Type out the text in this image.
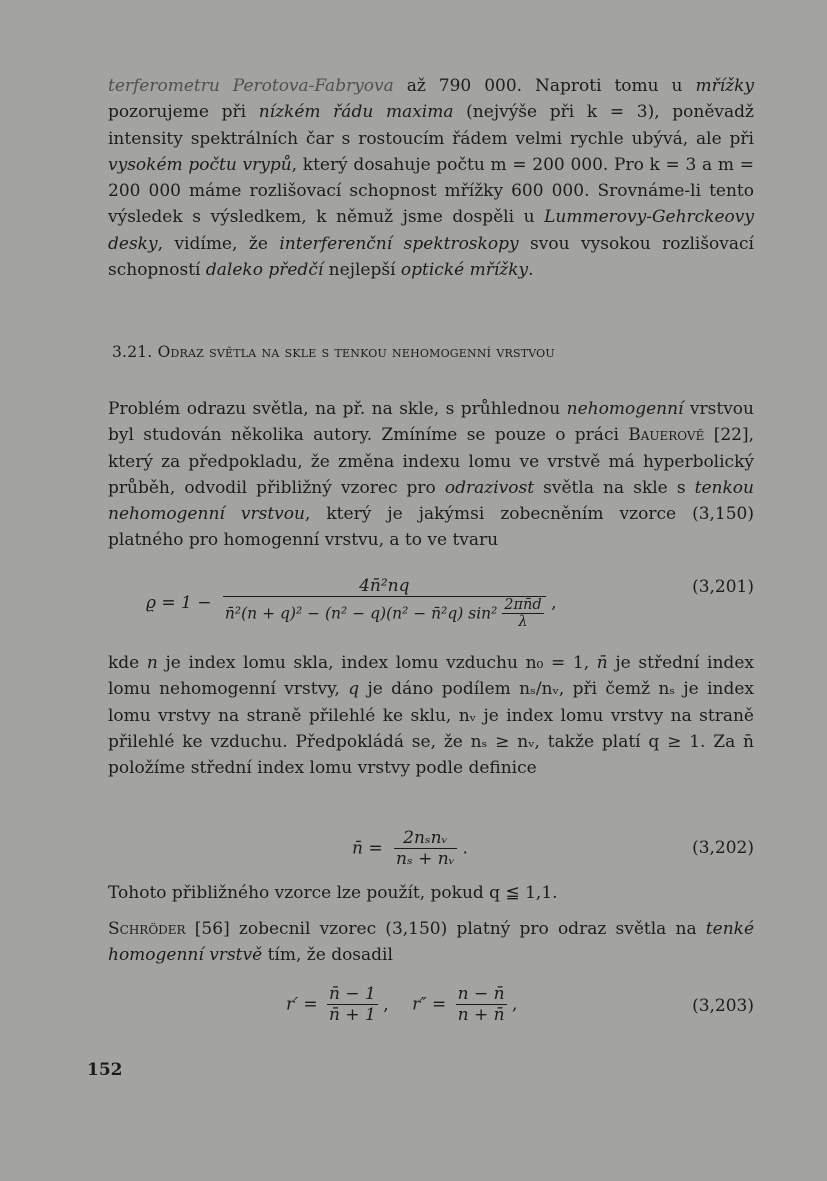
terferometru Perotova-Fabryova až 790 000. Naproti tomu u mřížky pozorujeme při nízkém řádu maxima (nejvýše při k = 3), poněvadž intensity spektrálních čar s rostoucím řádem velmi rychle ubývá, ale při vysokém počtu vrypů, který dosahuje počtu m = 200 000. Pro k = 3 a m = 200 000 máme rozlišovací schopnost mřížky 600 000. Srovnáme-li tento výsledek s výsledkem, k němuž jsme dospěli u Lummerovy-Gehrckeovy desky, vidíme, že interferenční spektroskopy svou vysokou rozlišovací schopností daleko předčí nejlepší optické mřížky.

3.21. Odraz světla na skle s tenkou nehomogenní vrstvou

Problém odrazu světla, na př. na skle, s průhlednou nehomogenní vrstvou byl studován několika autory. Zmíníme se pouze o práci Bauerově [22], který za předpokladu, že změna indexu lomu ve vrstvě má hyperbolický průběh, odvodil přibližný vzorec pro odrazivost světla na skle s tenkou nehomogenní vrstvou, který je jakýmsi zobecněním vzorce (3,150) platného pro homogenní vrstvu, a to ve tvaru

ϱ = 1 −
4n̄²nq
n̄²(n + q)² − (n² − q)(n² − n̄²q) $\sin^2 \frac{2\pi n̄d}{\lambda}$ ,
(3,201)

kde n je index lomu skla, index lomu vzduchu n₀ = 1, n̄ je střední index lomu nehomogenní vrstvy, q je dáno podílem nₛ/nᵥ, při čemž nₛ je index lomu vrstvy na straně přilehlé ke sklu, nᵥ je index lomu vrstvy na straně přilehlé ke vzduchu. Předpokládá se, že nₛ ≥ nᵥ, takže platí q ≥ 1. Za n̄ položíme střední index lomu vrstvy podle definice

n̄ = $\frac{\text{2nₛnᵥ}}{\text{nₛ + nᵥ}}$ .	(3,202)

Tohoto přibližného vzorce lze použít, pokud q ≦ 1,1.

Schröder [56] zobecnil vzorec (3,150) platný pro odraz světla na tenké homogenní vrstvě tím, že dosadil

$r' = \frac{n̄ - 1}{n̄ + 1}$ , $r'' = \frac{n - n̄}{n + n̄}$ ,	(3,203)
152
